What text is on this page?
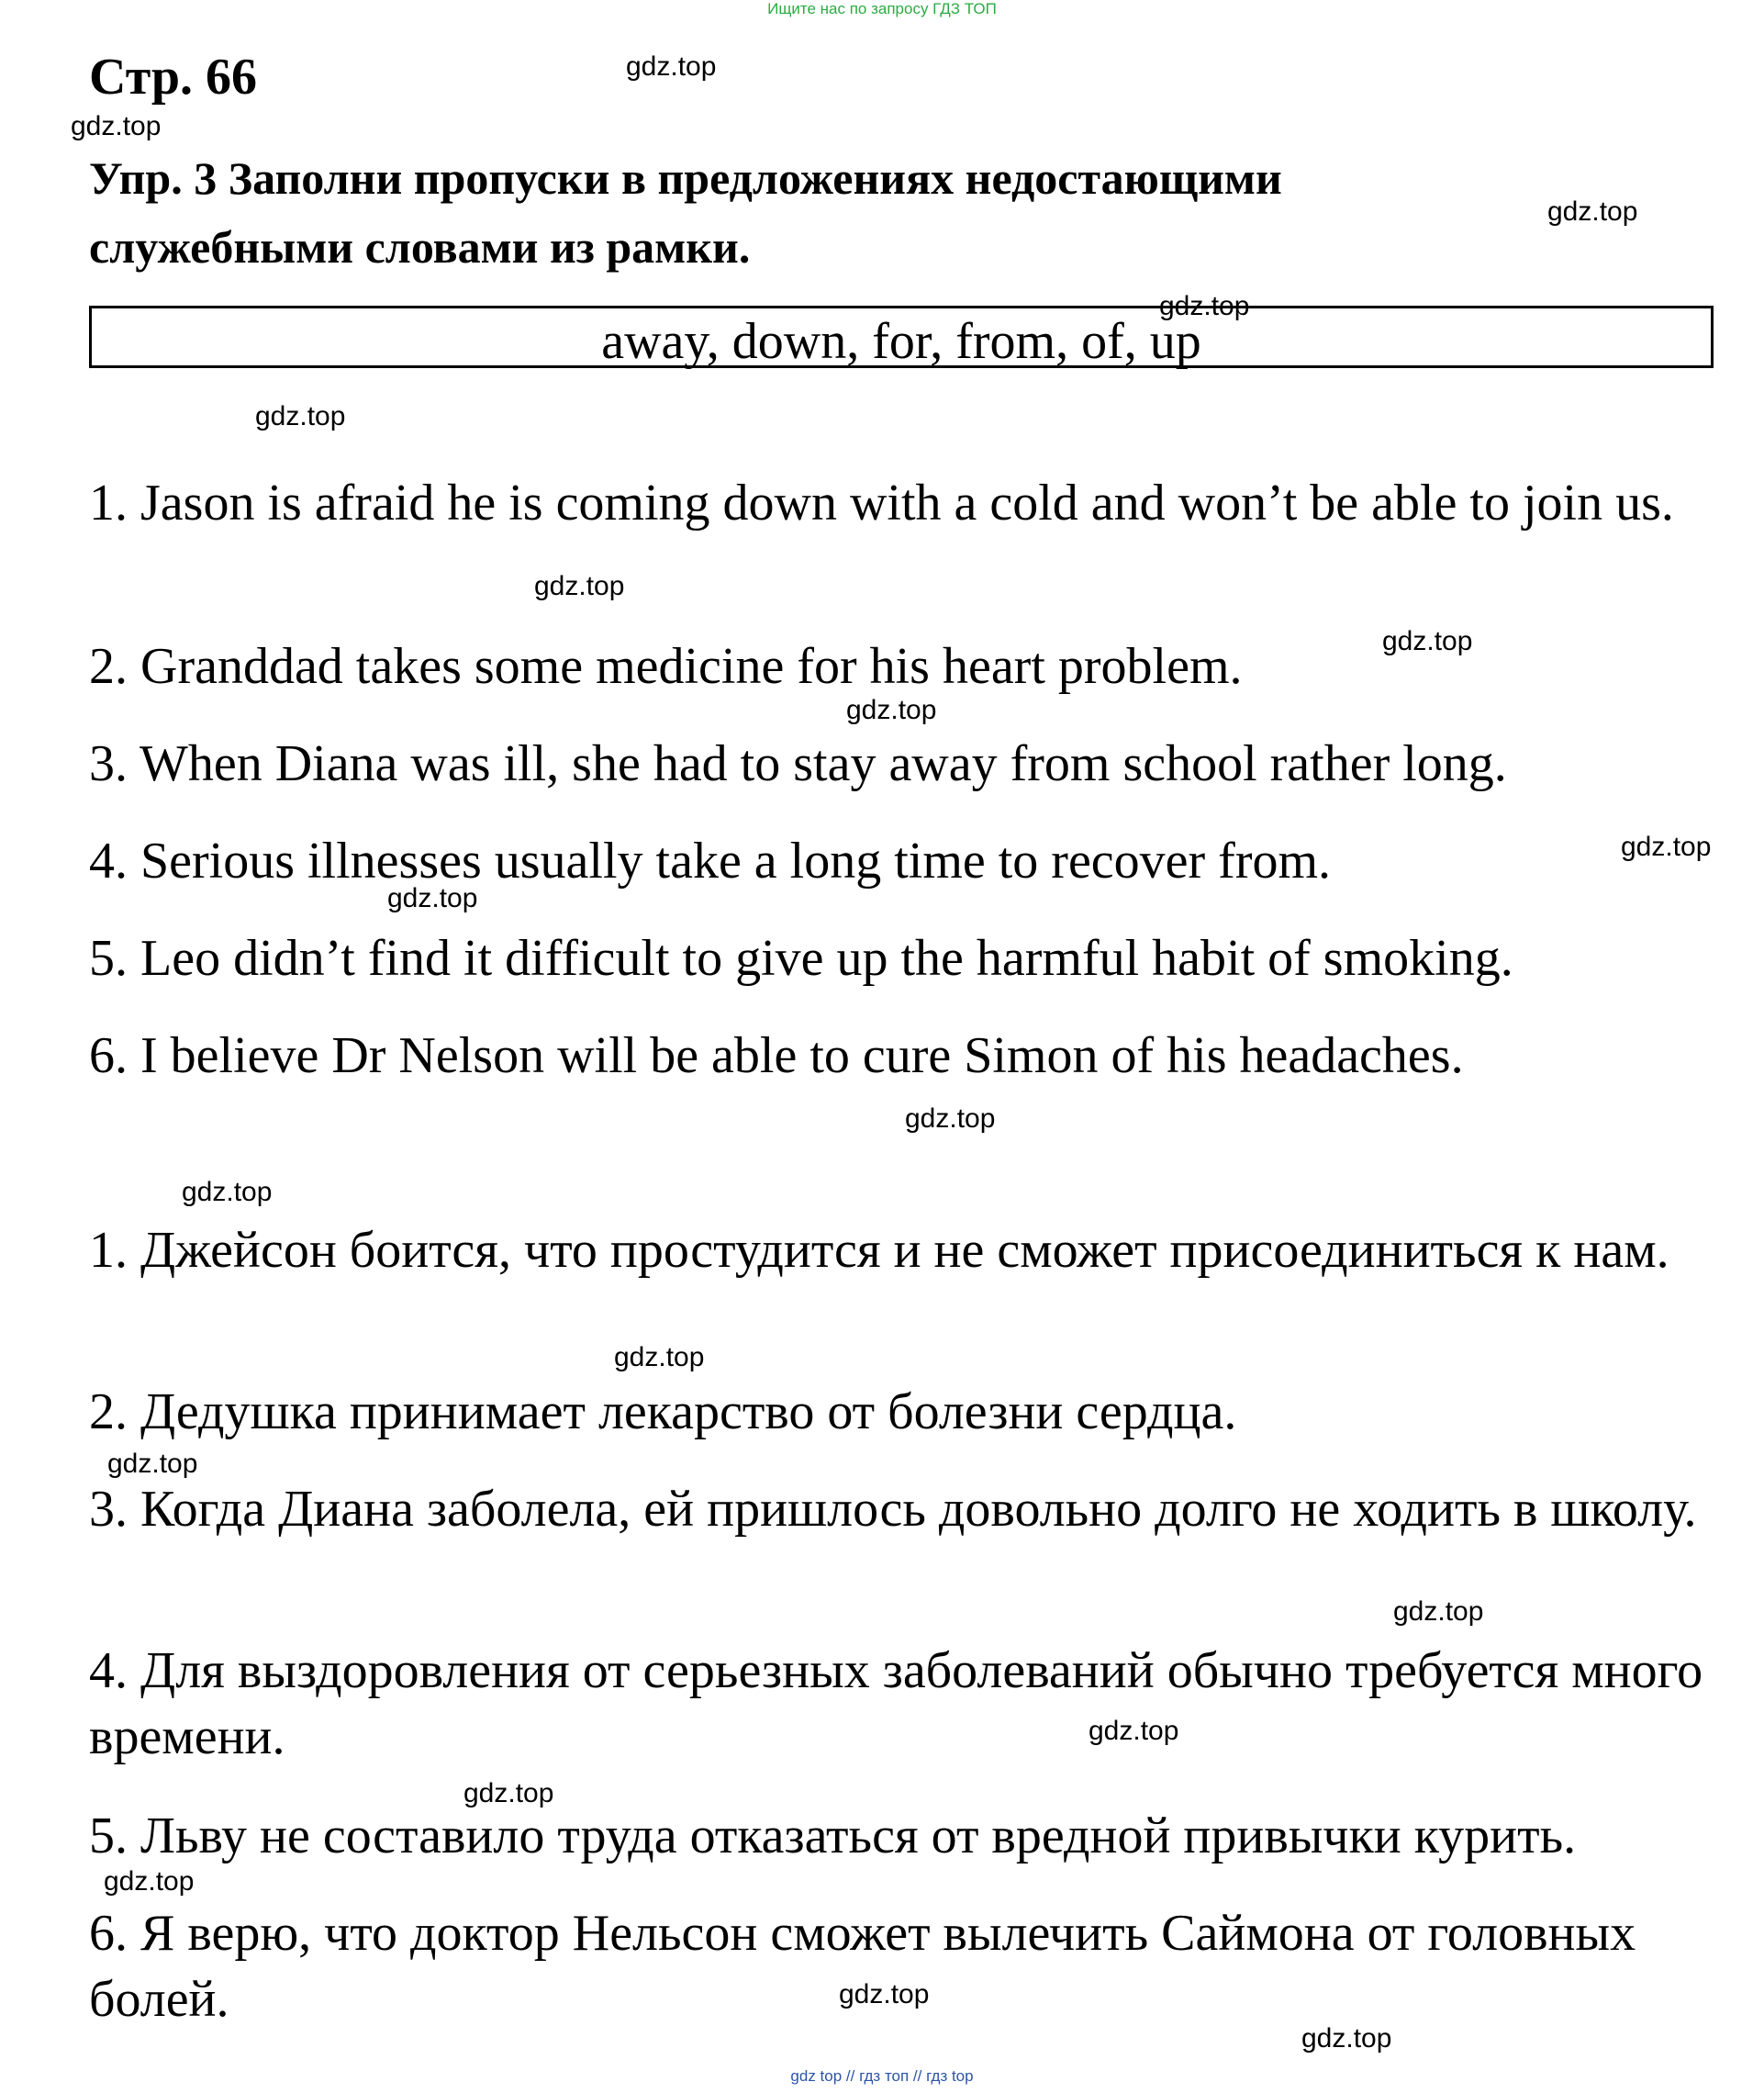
Ищите нас по запросу ГДЗ ТОП
Стр. 66
Упр. 3 Заполни пропуски в предложениях недостающими
служебными словами из рамки.
away, down, for, from, of, up
1. Jason is afraid he is coming down with a cold and won’t be able to join us.
2. Granddad takes some medicine for his heart problem.
3. When Diana was ill, she had to stay away from school rather long.
4. Serious illnesses usually take a long time to recover from.
5. Leo didn’t find it difficult to give up the harmful habit of smoking.
6. I believe Dr Nelson will be able to cure Simon of his headaches.
1. Джейсон боится, что простудится и не сможет присоединиться к нам.
2. Дедушка принимает лекарство от болезни сердца.
3. Когда Диана заболела, ей пришлось довольно долго не ходить в школу.
4. Для выздоровления от серьезных заболеваний обычно требуется много времени.
5. Льву не составило труда отказаться от вредной привычки курить.
6. Я верю, что доктор Нельсон сможет вылечить Саймона от головных болей.
gdz.top
gdz.top
gdz.top
gdz.top
gdz.top
gdz.top
gdz.top
gdz.top
gdz.top
gdz.top
gdz.top
gdz.top
gdz.top
gdz.top
gdz.top
gdz.top
gdz.top
gdz.top
gdz.top
gdz.top
gdz top // гдз топ // гдз top
